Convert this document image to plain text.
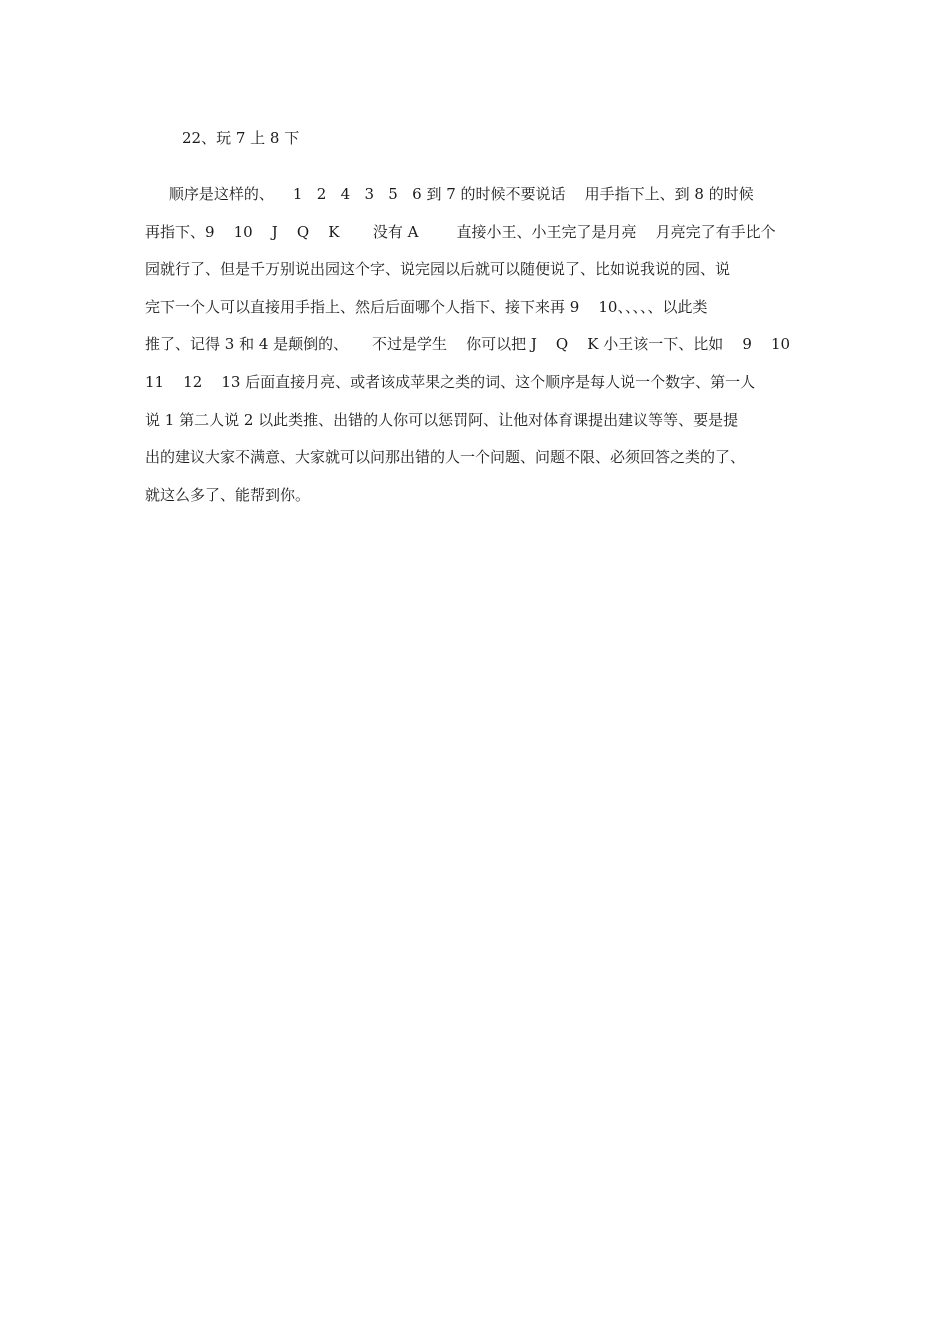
22、玩 7 上 8 下
顺序是这样的、    1   2   4   3   5   6 到 7 的时候不要说话    用手指下上、到 8 的时候
再指下、9    10    J    Q    K       没有 A        直接小王、小王完了是月亮    月亮完了有手比个
园就行了、但是千万别说出园这个字、说完园以后就可以随便说了、比如说我说的园、说
完下一个人可以直接用手指上、然后后面哪个人指下、接下来再 9    10、、、、、以此类
推了、记得 3 和 4 是颠倒的、     不过是学生    你可以把 J    Q    K 小王该一下、比如    9    10
11    12    13 后面直接月亮、或者该成苹果之类的词、这个顺序是每人说一个数字、第一人
说 1 第二人说 2 以此类推、出错的人你可以惩罚阿、让他对体育课提出建议等等、要是提
出的建议大家不满意、大家就可以问那出错的人一个问题、问题不限、必须回答之类的了、
就这么多了、能帮到你。
